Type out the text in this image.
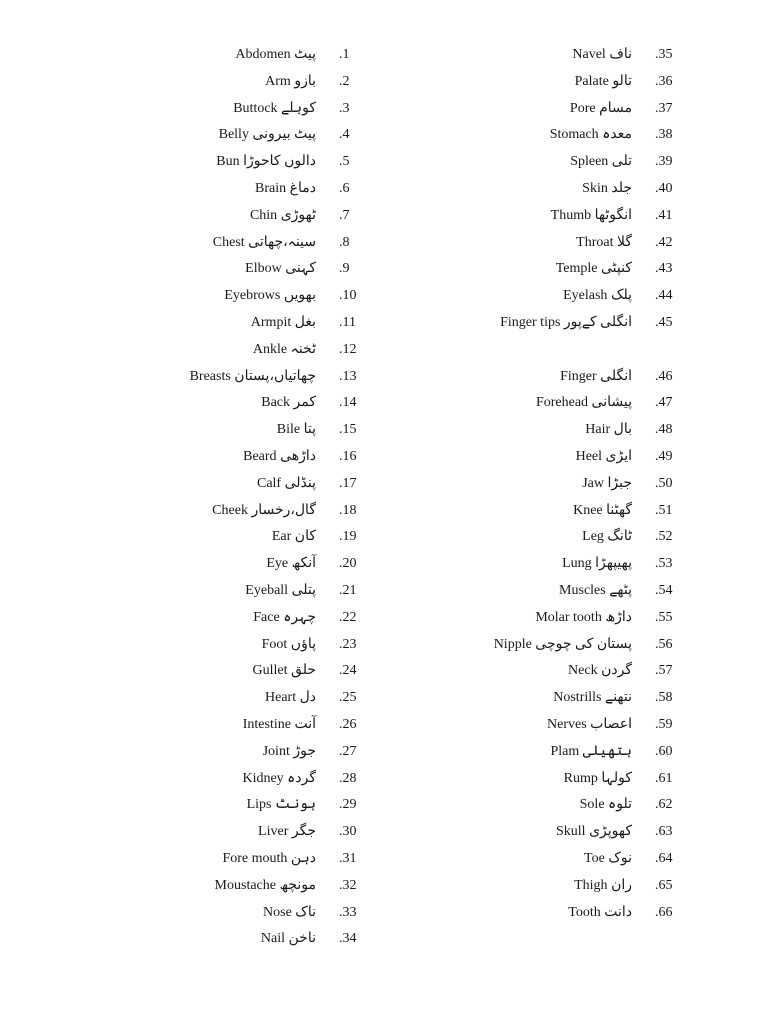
Abdomen پیٹ .1
Arm بازو .2
Buttock کوہلے .3
Belly پیٹ بیرونی .4
Bun دالوں کاحوڑا .5
Brain دماغ .6
Chin ٹھوڑی .7
Chest سینہ،چھاتی .8
Elbow کہنی .9
Eyebrows بھویں .10
Armpit بغل .11
Ankle ٹخنہ .12
Breasts چھاتیاں،پستان .13
Back کمر .14
Bile پتا .15
Beard داڑھی .16
Calf پنڈلی .17
Cheek گال،رخسار .18
Ear کان .19
Eye آنکھ .20
Eyeball پتلی .21
Face چہرہ .22
Foot پاؤں .23
Gullet حلق .24
Heart دل .25
Intestine آنت .26
Joint جوڑ .27
Kidney گردہ .28
Lips ہونٹ .29
Liver جگر .30
Fore mouth دہن .31
Moustache مونچھ .32
Nose ناک .33
Nail ناخن .34
Navel ناف .35
Palate تالو .36
Pore مسام .37
Stomach معدہ .38
Spleen تلی .39
Skin جلد .40
Thumb انگوٹھا .41
Throat گلا .42
Temple کنپٹی .43
Eyelash پلک .44
Finger tips انگلی کےپور .45
Finger انگلی .46
Forehead پیشانی .47
Hair بال .48
Heel ایڑی .49
Jaw جبڑا .50
Knee گھٹنا .51
Leg ٹانگ .52
Lung پھیپھڑا .53
Muscles پٹھے .54
Molar tooth داڑھ .55
Nipple پستان کی چوچی .56
Neck گردن .57
Nostrills نتھنے .58
Nerves اعصاب .59
Plam ہتھیلی .60
Rump کولہا .61
Sole تلوہ .62
Skull کھوپڑی .63
Toe نوک .64
Thigh ران .65
Tooth دانت .66
